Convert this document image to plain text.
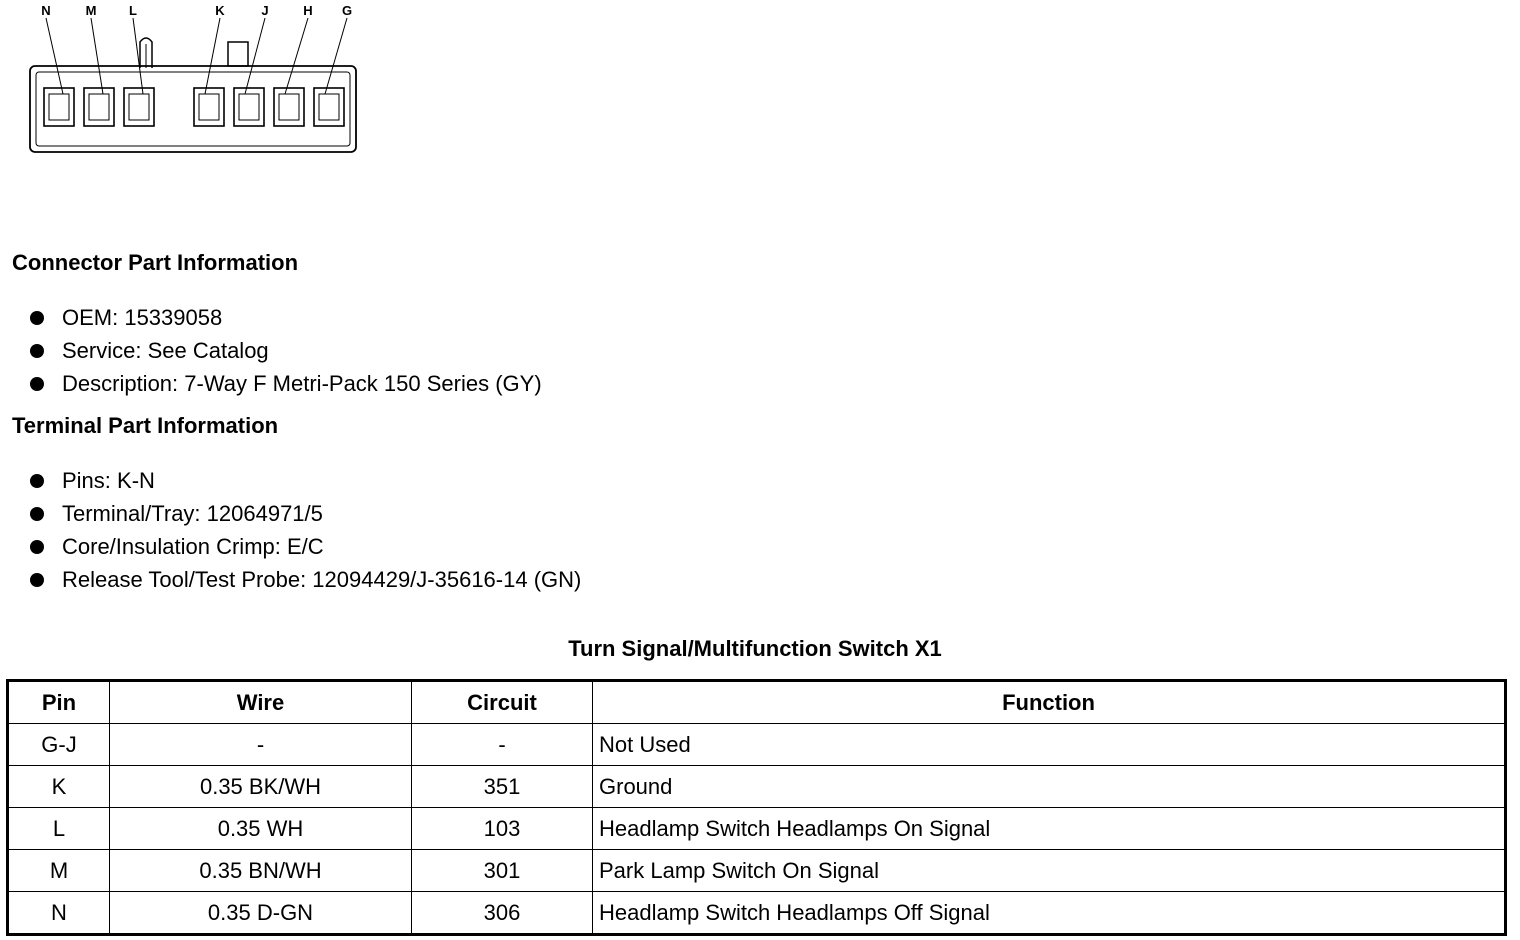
N	M	L	K	J	H G
Connector Part Information
OEM: 15339058
Service: See Catalog
Description: 7-Way F Metri-Pack 150 Series (GY)
Terminal Part Information
Pins: K-N
Terminal/Tray: 12064971/5
Core/Insulation Crimp: E/C
Release Tool/Test Probe: 12094429/J-35616-14 (GN)
Turn Signal/Multifunction Switch X1
Pin	Wire	Circuit	Function
G-J	-	-	Not Used
K	0.35 BK/WH	351	Ground
L	0.35 WH	103	Headlamp Switch Headlamps On Signal
M	0.35 BN/WH	301	Park Lamp Switch On Signal
N	0.35 D-GN	306	Headlamp Switch Headlamps Off Signal
